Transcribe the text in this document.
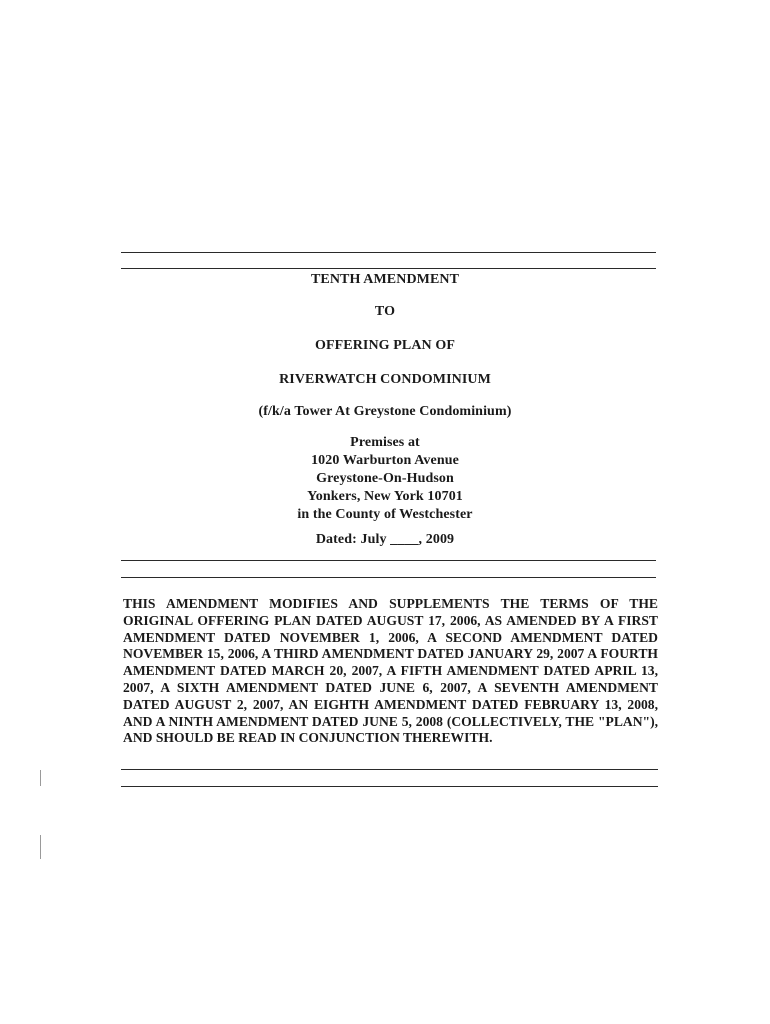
TENTH AMENDMENT
TO
OFFERING PLAN OF
RIVERWATCH CONDOMINIUM
(f/k/a Tower At Greystone Condominium)
Premises at
1020 Warburton Avenue
Greystone-On-Hudson
Yonkers, New York 10701
in the County of Westchester
Dated: July ____, 2009
THIS AMENDMENT MODIFIES AND SUPPLEMENTS THE TERMS OF THE ORIGINAL OFFERING PLAN DATED AUGUST 17, 2006, AS AMENDED BY A FIRST AMENDMENT DATED NOVEMBER 1, 2006, A SECOND AMENDMENT DATED NOVEMBER 15, 2006, A THIRD AMENDMENT DATED JANUARY 29, 2007 A FOURTH AMENDMENT DATED MARCH 20, 2007, A FIFTH AMENDMENT DATED APRIL 13, 2007, A SIXTH AMENDMENT DATED JUNE 6, 2007, A SEVENTH AMENDMENT DATED AUGUST 2, 2007, AN EIGHTH AMENDMENT DATED FEBRUARY 13, 2008, AND A NINTH AMENDMENT DATED JUNE 5, 2008 (COLLECTIVELY, THE "PLAN"), AND SHOULD BE READ IN CONJUNCTION THEREWITH.
